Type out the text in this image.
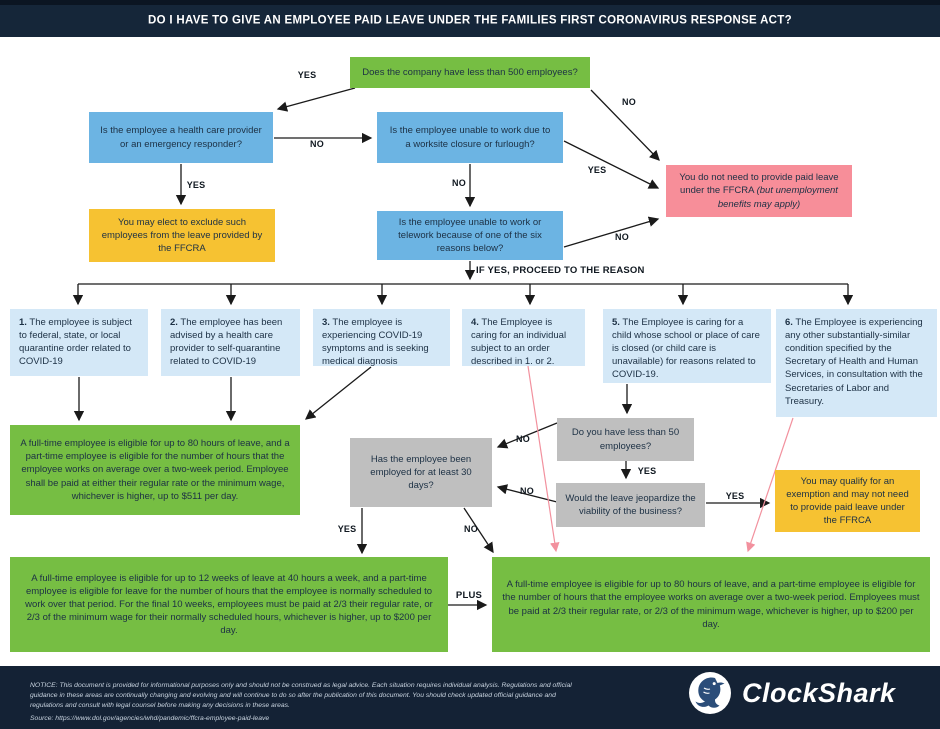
DO I HAVE TO GIVE AN EMPLOYEE PAID LEAVE UNDER THE FAMILIES FIRST CORONAVIRUS RESPONSE ACT?
Does the company have less than 500 employees?
Is the employee a health care provider or an emergency responder?
Is the employee unable to work due to a worksite closure or furlough?
You may elect to exclude such employees from the leave provided by the FFCRA
Is the employee unable to work or telework because of one of the six reasons below?
You do not need to provide paid leave under the FFCRA (but unemployment benefits may apply)
1. The employee is subject to federal, state, or local quarantine order related to COVID-19
2. The employee has been advised by a health care provider to self-quarantine related to COVID-19
3. The employee is experiencing COVID-19 symptoms and is seeking medical diagnosis
4. The Employee is caring for an individual subject to an order described in 1. or 2.
5. The Employee is caring for a child whose school or place of care is closed (or child care is unavailable) for reasons related to COVID-19.
6. The Employee is experiencing any other substantially-similar condition specified by the Secretary of Health and Human Services, in consultation with the Secretaries of Labor and Treasury.
A full-time employee is eligible for up to 80 hours of leave, and a part-time employee is eligible for the number of hours that the employee works on average over a two-week period. Employee shall be paid at either their regular rate or the minimum wage, whichever is higher, up to $511 per day.
Has the employee been employed for at least 30 days?
Do you have less than 50 employees?
Would the leave jeopardize the viability of the business?
You may qualify for an exemption and may not need to provide paid leave under the FFRCA
A full-time employee is eligible for up to 12 weeks of leave at 40 hours a week, and a part-time employee is eligible for leave for the number of hours that the employee is normally scheduled to work over that period. For the final 10 weeks, employees must be paid at 2/3 their regular rate, or 2/3 of the minimum wage for their normally scheduled hours, whichever is higher, up to $200 per day.
A full-time employee is eligible for up to 80 hours of leave, and a part-time employee is eligible for the number of hours that the employee works on average over a two-week period. Employees must be paid at 2/3 their regular rate, or 2/3 of the minimum wage, whichever is higher, up to $200 per day.
YES
NO
NO
YES	NO
YES
NO
IF YES, PROCEED TO THE REASON
NO
YES
NO	YES
YES	NO
PLUS

NOTICE: This document is provided for informational purposes only and should not be construed as legal advice. Each situation requires individual analysis. Regulations and official guidance in these areas are continually changing and evolving and will continue to do so after the publication of this document. You should check updated official guidance and regulations and consult with legal counsel before making any decisions in these areas.

Source: https://www.dol.gov/agencies/whd/pandemic/ffcra-employee-paid-leave

ClockShark
